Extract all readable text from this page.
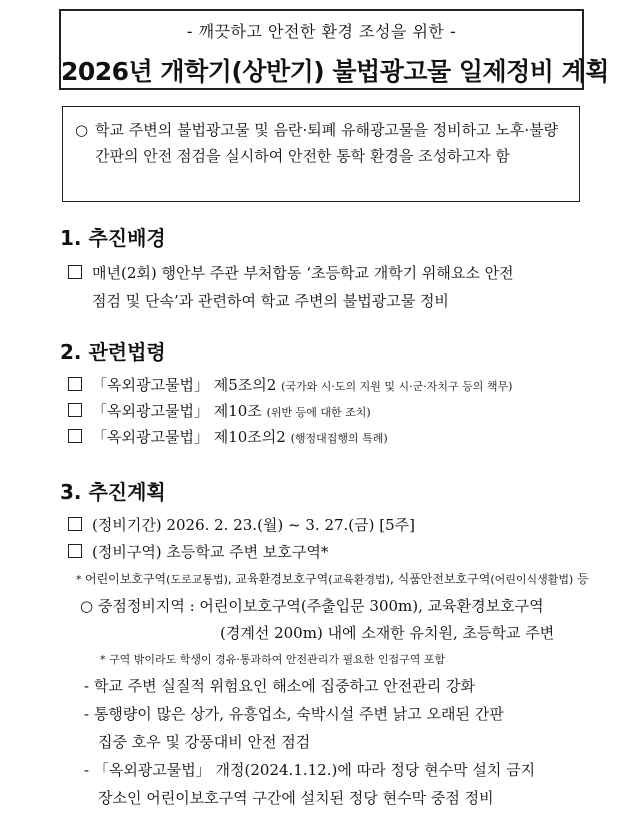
- 깨끗하고 안전한 환경 조성을 위한 -
2026년 개학기(상반기) 불법광고물 일제정비 계획
○ 학교 주변의 불법광고물 및 음란·퇴폐 유해광고물을 정비하고 노후·불량간판의 안전 점검을 실시하여 안전한 통학 환경을 조성하고자 함
1. 추진배경
매년(2회) 행안부 주관 부처합동 ‘초등학교 개학기 위해요소 안전
점검 및 단속’과 관련하여 학교 주변의 불법광고물 정비
2. 관련법령
「옥외광고물법」 제5조의2 (국가와 시·도의 지원 및 시·군·자치구 등의 책무)
「옥외광고물법」 제10조 (위반 등에 대한 조치)
「옥외광고물법」 제10조의2 (행정대집행의 특례)
3. 추진계획
(정비기간) 2026. 2. 23.(월) ~ 3. 27.(금) [5주]
(정비구역) 초등학교 주변 보호구역*
* 어린이보호구역(도로교통법), 교육환경보호구역(교육환경법), 식품안전보호구역(어린이식생활법) 등
○ 중점정비지역 : 어린이보호구역(주출입문 300m), 교육환경보호구역
(경계선 200m) 내에 소재한 유치원, 초등학교 주변
* 구역 밖이라도 학생이 경유·통과하여 안전관리가 필요한 인접구역 포함
- 학교 주변 실질적 위험요인 해소에 집중하고 안전관리 강화
- 통행량이 많은 상가, 유흥업소, 숙박시설 주변 낡고 오래된 간판
집중 호우 및 강풍대비 안전 점검
- 「옥외광고물법」 개정(2024.1.12.)에 따라 정당 현수막 설치 금지
장소인 어린이보호구역 구간에 설치된 정당 현수막 중점 정비
